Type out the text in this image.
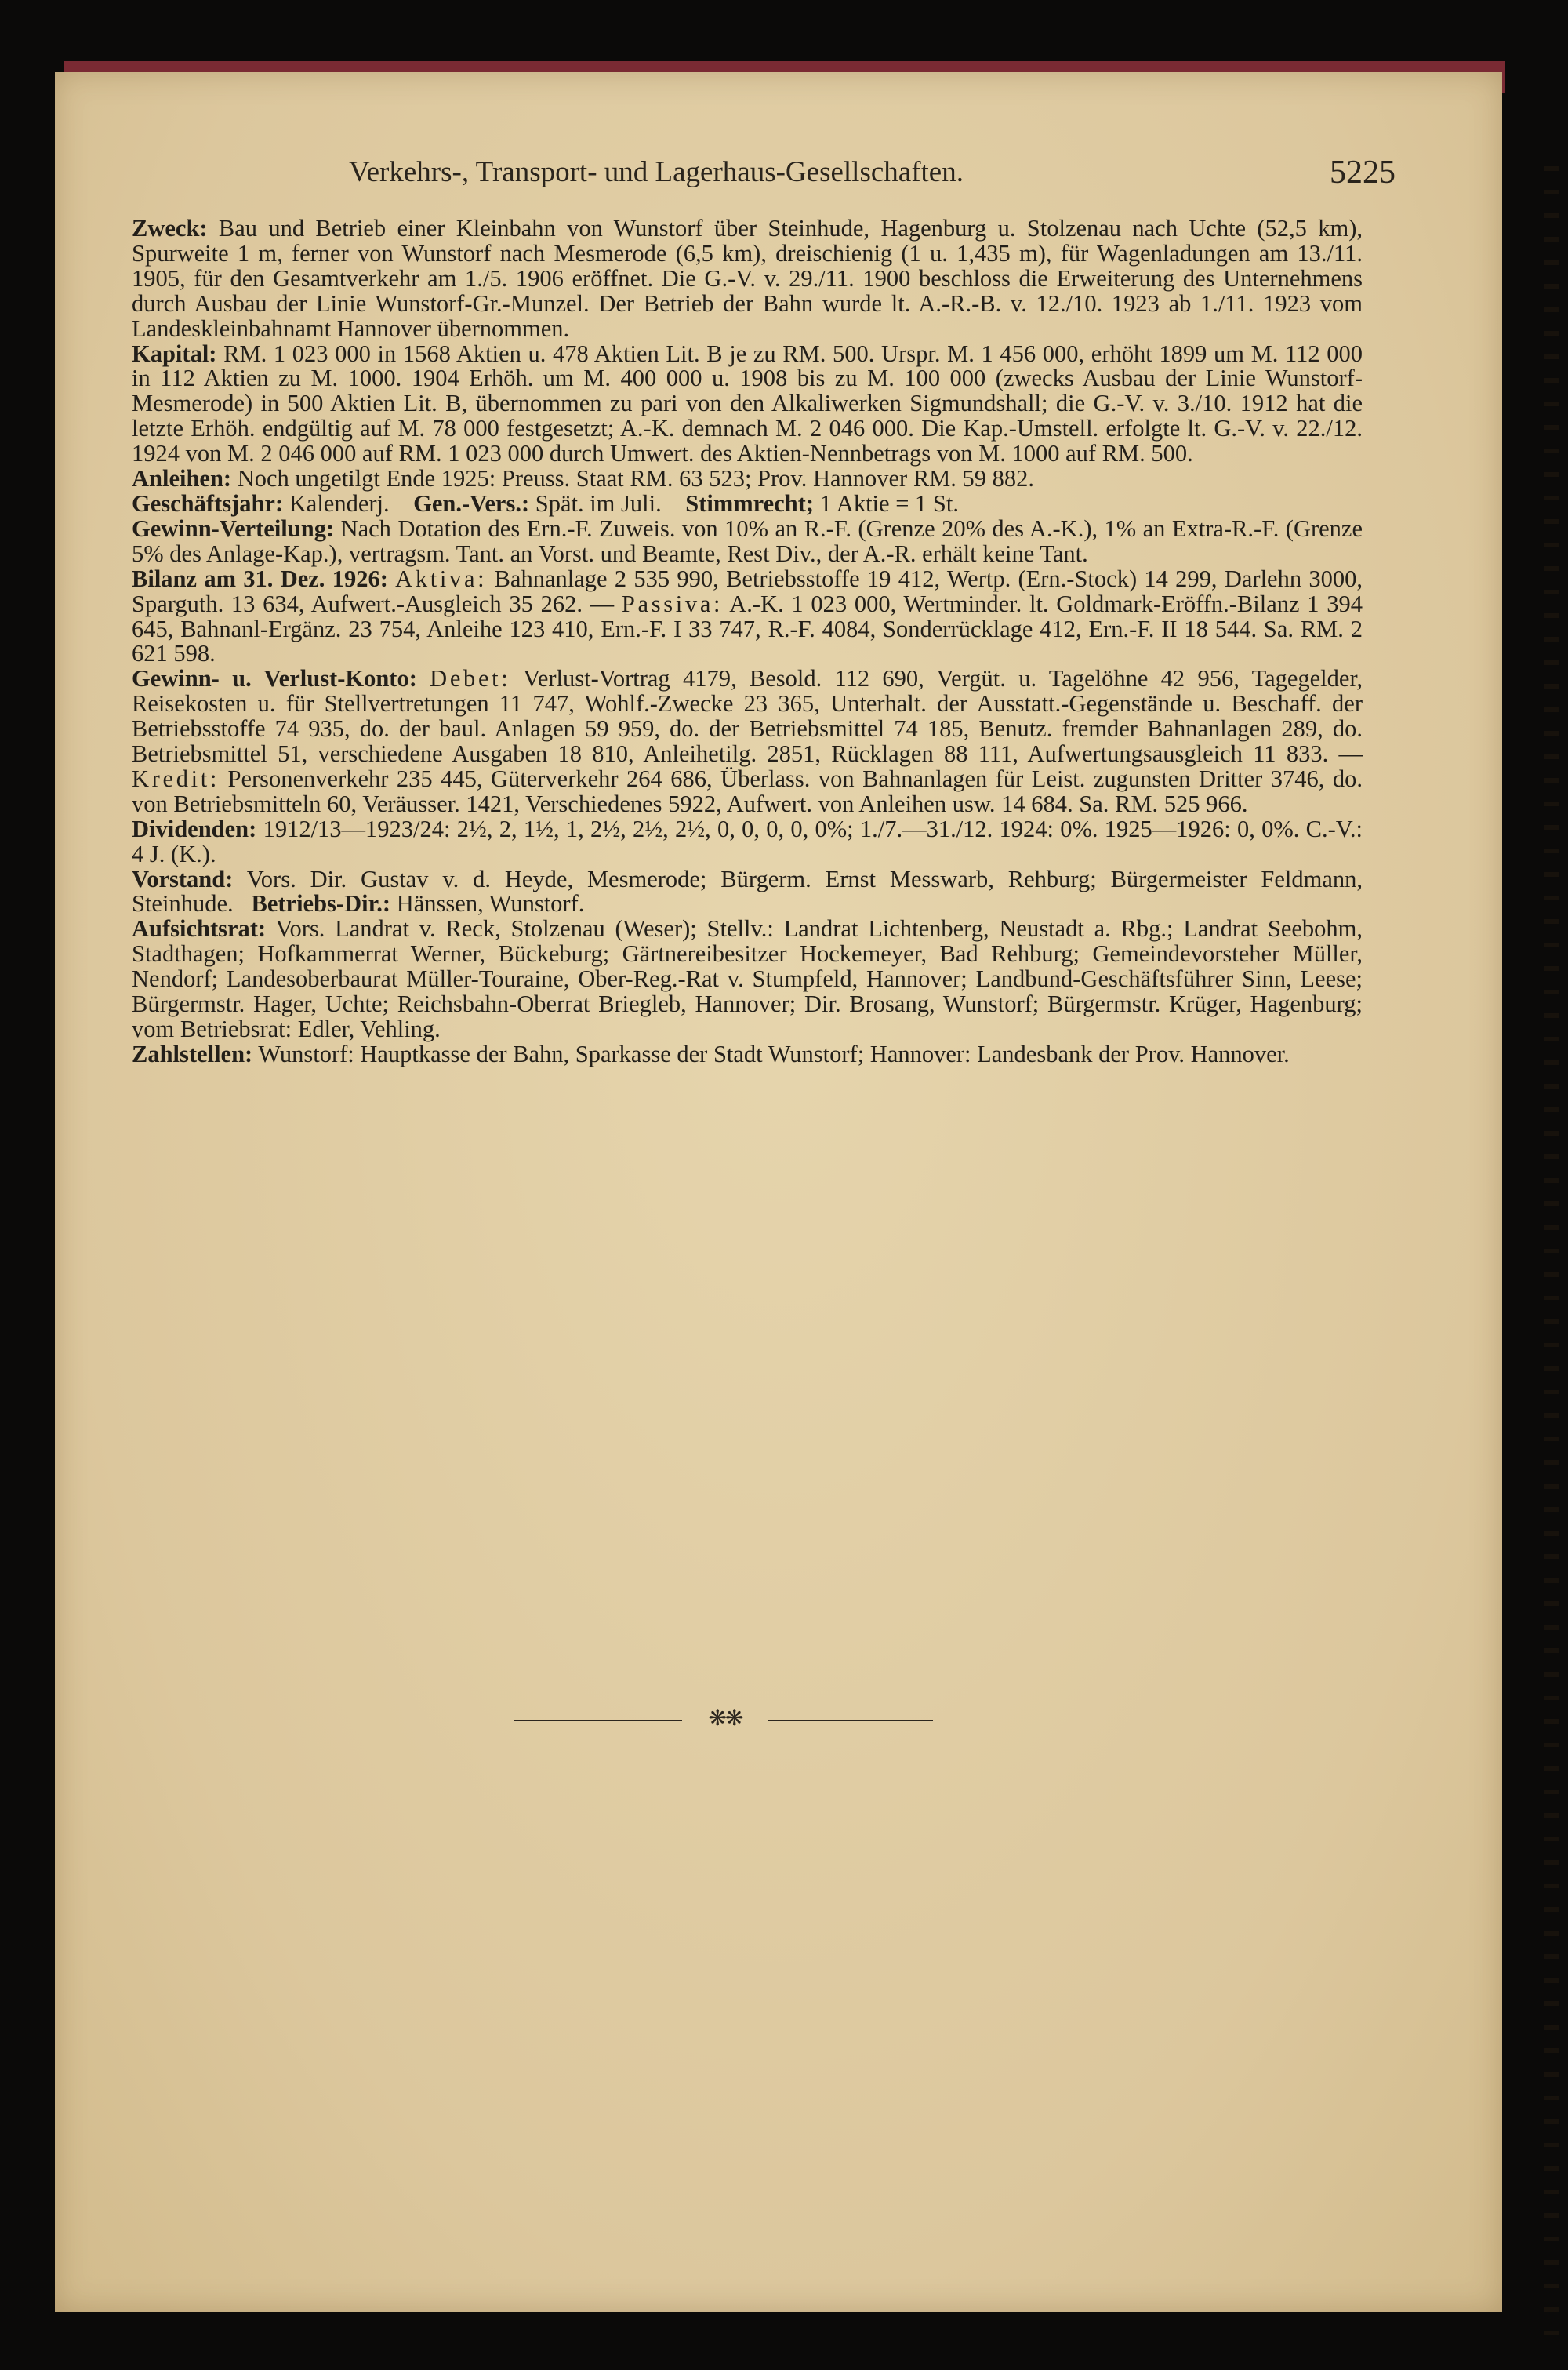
Verkehrs-, Transport- und Lagerhaus-Gesellschaften.	5225

Zweck: Bau und Betrieb einer Kleinbahn von Wunstorf über Steinhude, Hagenburg u. Stolzenau nach Uchte (52,5 km), Spurweite 1 m, ferner von Wunstorf nach Mesmerode (6,5 km), dreischienig (1 u. 1,435 m), für Wagenladungen am 13./11. 1905, für den Gesamtverkehr am 1./5. 1906 eröffnet. Die G.-V. v. 29./11. 1900 beschloss die Erweiterung des Unternehmens durch Ausbau der Linie Wunstorf-Gr.-Munzel. Der Betrieb der Bahn wurde lt. A.-R.-B. v. 12./10. 1923 ab 1./11. 1923 vom Landeskleinbahnamt Hannover übernommen.

Kapital: RM. 1 023 000 in 1568 Aktien u. 478 Aktien Lit. B je zu RM. 500. Urspr. M. 1 456 000, erhöht 1899 um M. 112 000 in 112 Aktien zu M. 1000. 1904 Erhöh. um M. 400 000 u. 1908 bis zu M. 100 000 (zwecks Ausbau der Linie Wunstorf-Mesmerode) in 500 Aktien Lit. B, übernommen zu pari von den Alkaliwerken Sigmundshall; die G.-V. v. 3./10. 1912 hat die letzte Erhöh. endgültig auf M. 78 000 festgesetzt; A.-K. demnach M. 2 046 000. Die Kap.-Umstell. erfolgte lt. G.-V. v. 22./12. 1924 von M. 2 046 000 auf RM. 1 023 000 durch Umwert. des Aktien-Nennbetrags von M. 1000 auf RM. 500.

Anleihen: Noch ungetilgt Ende 1925: Preuss. Staat RM. 63 523; Prov. Hannover RM. 59 882.

Geschäftsjahr: Kalenderj. Gen.-Vers.: Spät. im Juli. Stimmrecht; 1 Aktie = 1 St.

Gewinn-Verteilung: Nach Dotation des Ern.-F. Zuweis. von 10% an R.-F. (Grenze 20% des A.-K.), 1% an Extra-R.-F. (Grenze 5% des Anlage-Kap.), vertragsm. Tant. an Vorst. und Beamte, Rest Div., der A.-R. erhält keine Tant.

Bilanz am 31. Dez. 1926: Aktiva: Bahnanlage 2 535 990, Betriebsstoffe 19 412, Wertp. (Ern.-Stock) 14 299, Darlehn 3000, Sparguth. 13 634, Aufwert.-Ausgleich 35 262. — Passiva: A.-K. 1 023 000, Wertminder. lt. Goldmark-Eröffn.-Bilanz 1 394 645, Bahnanl-Ergänz. 23 754, Anleihe 123 410, Ern.-F. I 33 747, R.-F. 4084, Sonderrücklage 412, Ern.-F. II 18 544. Sa. RM. 2 621 598.

Gewinn- u. Verlust-Konto: Debet: Verlust-Vortrag 4179, Besold. 112 690, Vergüt. u. Tagelöhne 42 956, Tagegelder, Reisekosten u. für Stellvertretungen 11 747, Wohlf.-Zwecke 23 365, Unterhalt. der Ausstatt.-Gegenstände u. Beschaff. der Betriebsstoffe 74 935, do. der baul. Anlagen 59 959, do. der Betriebsmittel 74 185, Benutz. fremder Bahnanlagen 289, do. Betriebsmittel 51, verschiedene Ausgaben 18 810, Anleihetilg. 2851, Rücklagen 88 111, Aufwertungsausgleich 11 833. — Kredit: Personenverkehr 235 445, Güterverkehr 264 686, Überlass. von Bahnanlagen für Leist. zugunsten Dritter 3746, do. von Betriebsmitteln 60, Veräusser. 1421, Verschiedenes 5922, Aufwert. von Anleihen usw. 14 684. Sa. RM. 525 966.

Dividenden: 1912/13—1923/24: 2½, 2, 1½, 1, 2½, 2½, 2½, 0, 0, 0, 0, 0%; 1./7.—31./12. 1924: 0%. 1925—1926: 0, 0%. C.-V.: 4 J. (K.).

Vorstand: Vors. Dir. Gustav v. d. Heyde, Mesmerode; Bürgerm. Ernst Messwarb, Rehburg; Bürgermeister Feldmann, Steinhude. Betriebs-Dir.: Hänssen, Wunstorf.

Aufsichtsrat: Vors. Landrat v. Reck, Stolzenau (Weser); Stellv.: Landrat Lichtenberg, Neustadt a. Rbg.; Landrat Seebohm, Stadthagen; Hofkammerrat Werner, Bückeburg; Gärtnereibesitzer Hockemeyer, Bad Rehburg; Gemeindevorsteher Müller, Nendorf; Landesoberbaurat Müller-Touraine, Ober-Reg.-Rat v. Stumpfeld, Hannover; Landbund-Geschäftsführer Sinn, Leese; Bürgermstr. Hager, Uchte; Reichsbahn-Oberrat Briegleb, Hannover; Dir. Brosang, Wunstorf; Bürgermstr. Krüger, Hagenburg; vom Betriebsrat: Edler, Vehling.

Zahlstellen: Wunstorf: Hauptkasse der Bahn, Sparkasse der Stadt Wunstorf; Hannover: Landesbank der Prov. Hannover.

❋❋
